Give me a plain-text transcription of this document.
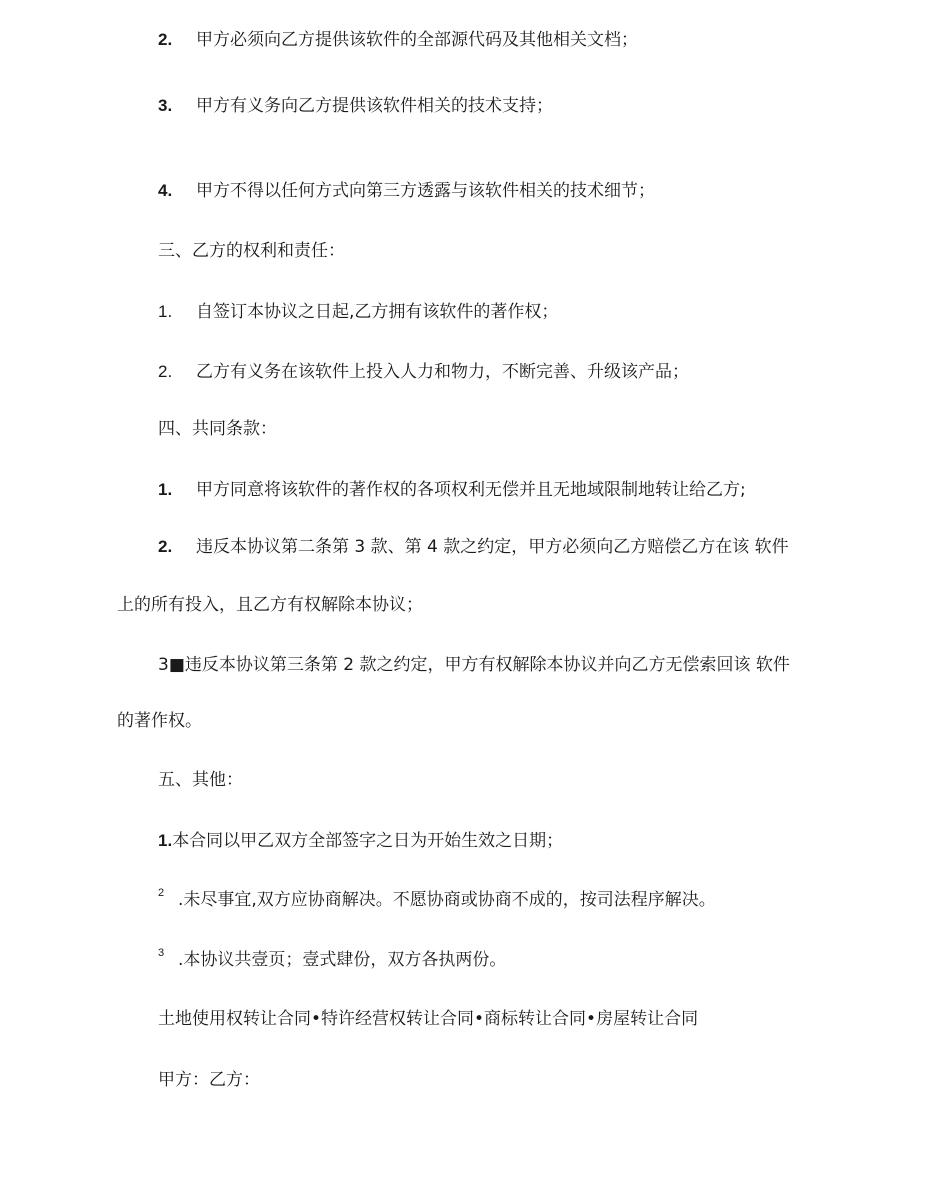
2. 甲方必须向乙方提供该软件的全部源代码及其他相关文档；
3. 甲方有义务向乙方提供该软件相关的技术支持；
4. 甲方不得以任何方式向第三方透露与该软件相关的技术细节；
三、乙方的权利和责任：
1. 自签订本协议之日起,乙方拥有该软件的著作权；
2. 乙方有义务在该软件上投入人力和物力，不断完善、升级该产品；
四、共同条款：
1. 甲方同意将该软件的著作权的各项权利无偿并且无地域限制地转让给乙方;
2. 违反本协议第二条第 3 款、第 4 款之约定，甲方必须向乙方赔偿乙方在该 软件
上的所有投入，且乙方有权解除本协议；
3■违反本协议第三条第 2 款之约定，甲方有权解除本协议并向乙方无偿索回该 软件
的著作权。
五、其他：
1.本合同以甲乙双方全部签字之日为开始生效之日期；
2 .未尽事宜,双方应协商解决。不愿协商或协商不成的，按司法程序解决。
3 .本协议共壹页；壹式肆份，双方各执两份。
土地使用权转让合同•特许经营权转让合同•商标转让合同•房屋转让合同
甲方：乙方：
